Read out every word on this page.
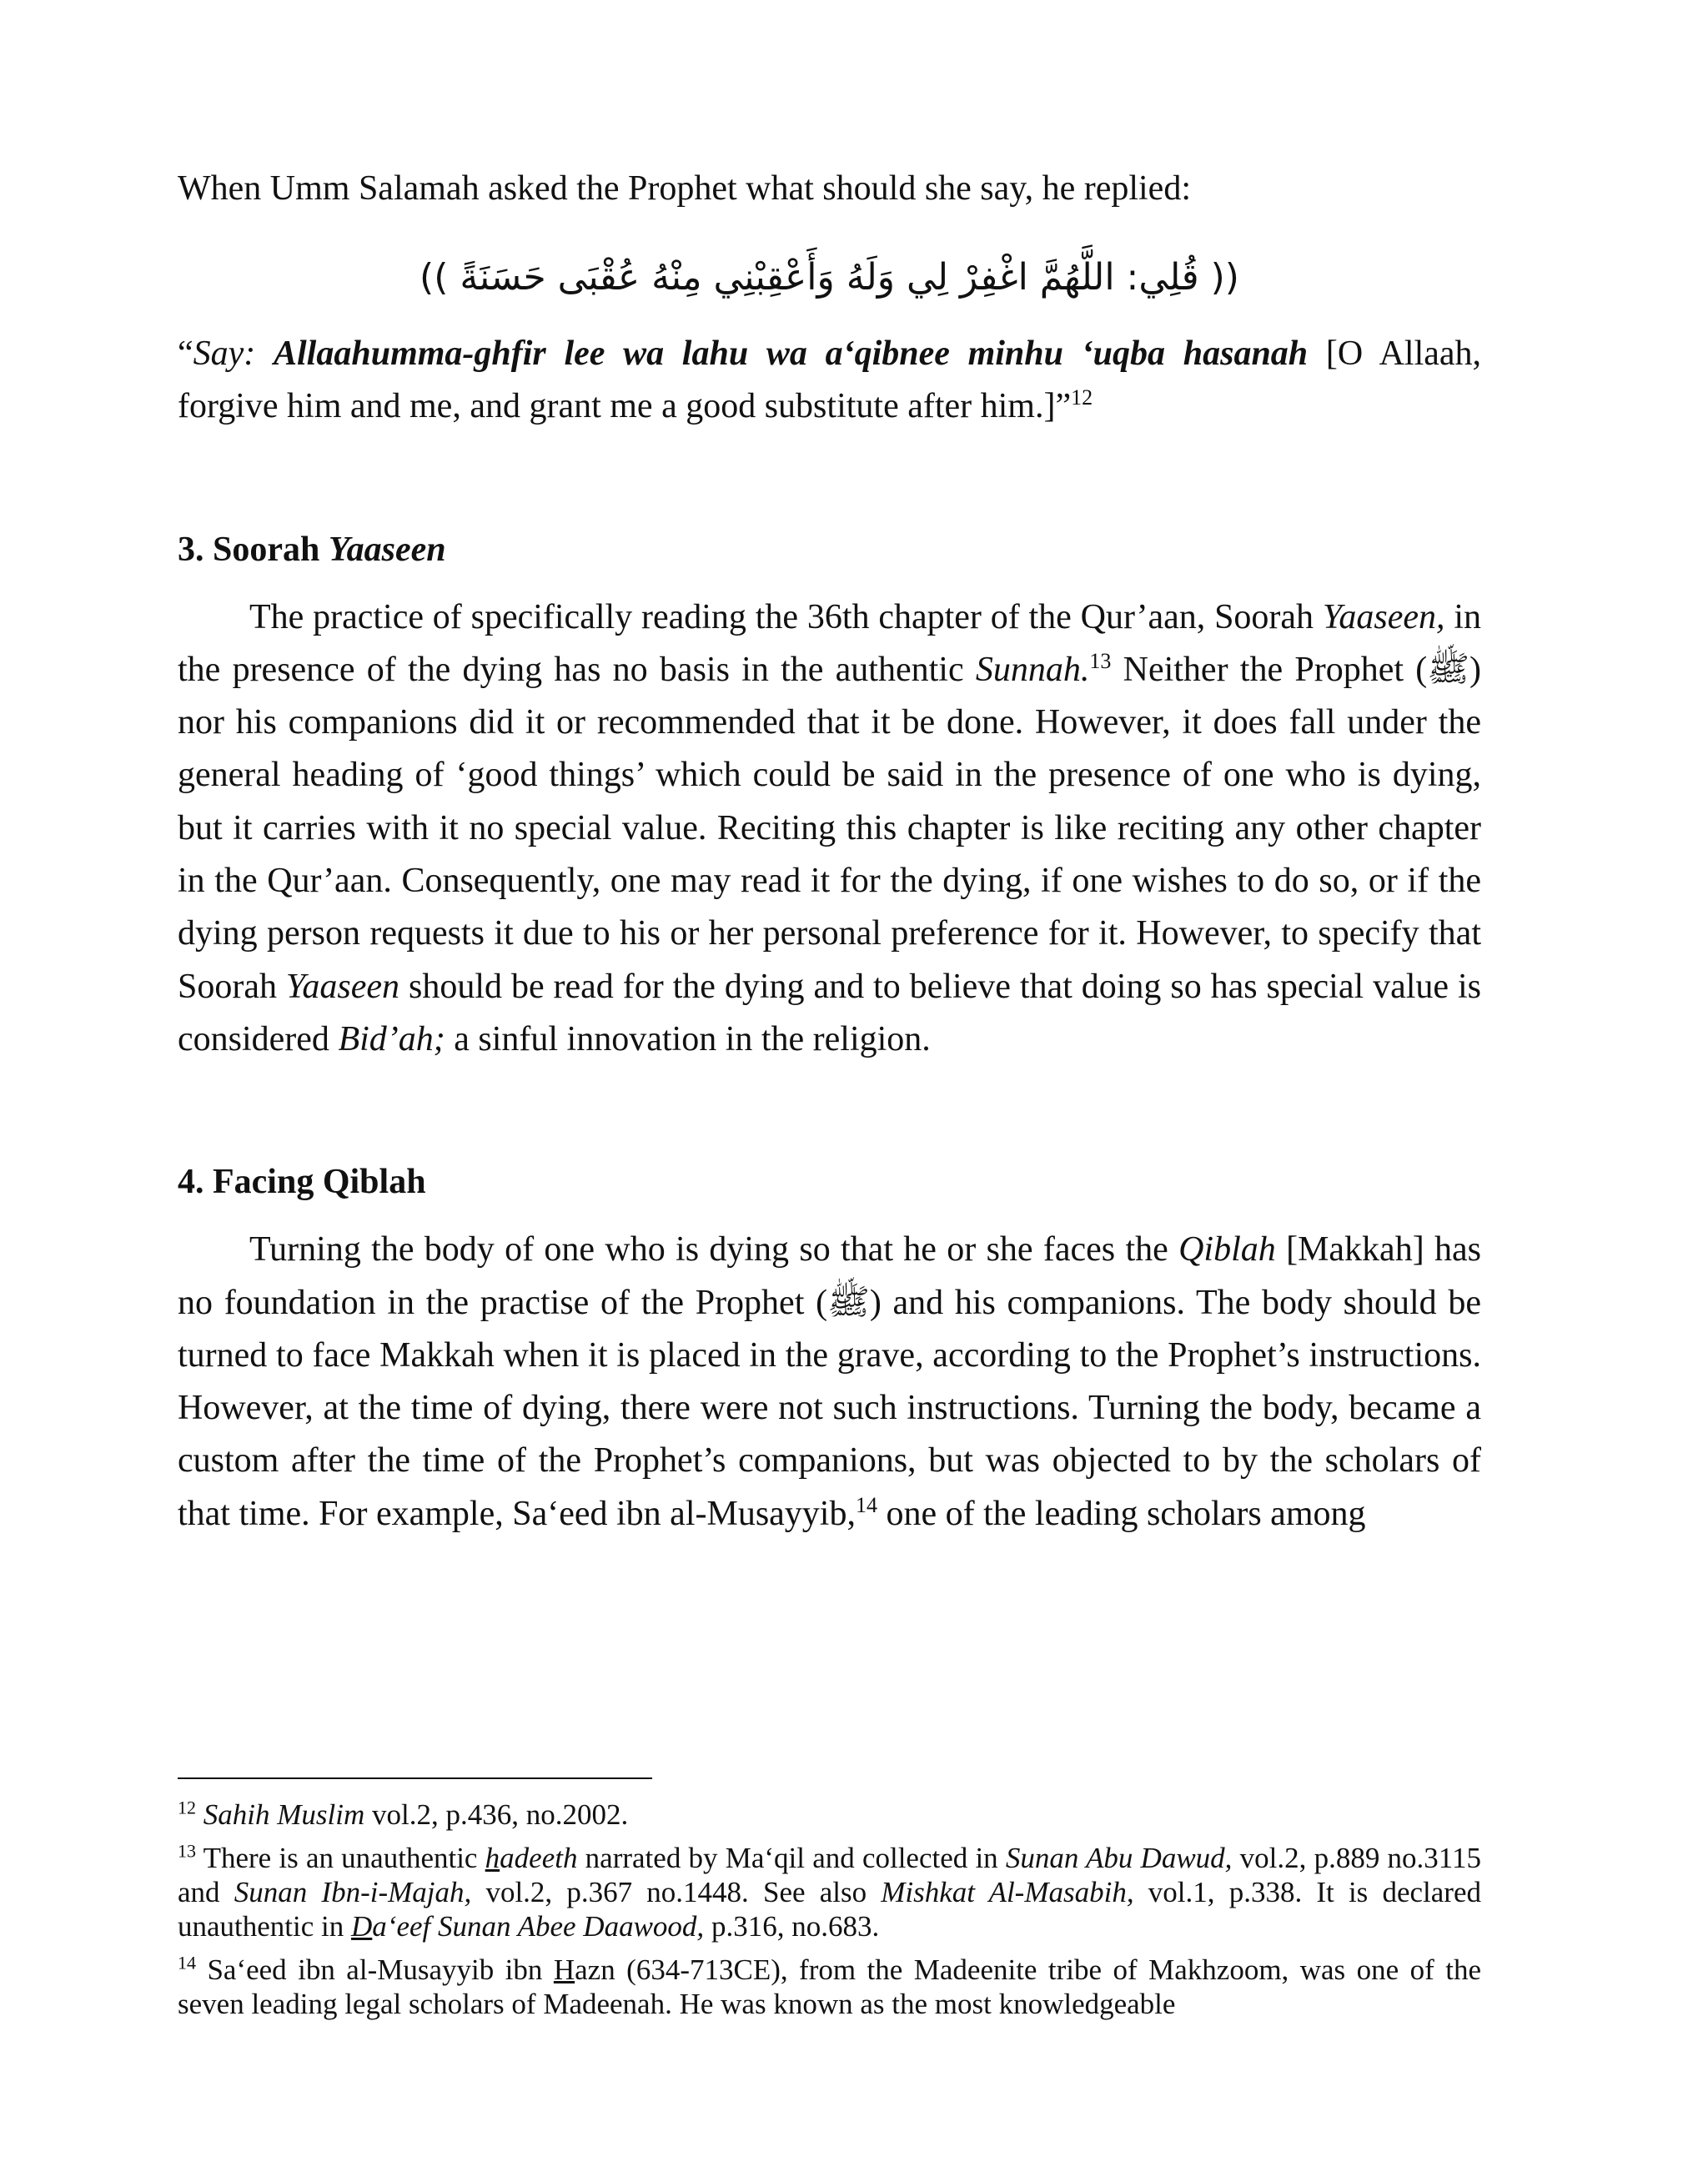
When Umm Salamah asked the Prophet what should she say, he replied:
(( قُلِي: اللَّهُمَّ اغْفِرْ لِي وَلَهُ وَأَعْقِبْنِي مِنْهُ عُقْبَى حَسَنَةً ))

“Say: Allaahumma-ghfir lee wa lahu wa a‘qibnee minhu ‘uqba hasanah [O Allaah, forgive him and me, and grant me a good substitute after him.]”$^{12}$

3. Soorah Yaaseen

The practice of specifically reading the 36th chapter of the Qur’aan, Soorah Yaaseen, in the presence of the dying has no basis in the authentic Sunnah.$^{13}$ Neither the Prophet (ﷺ) nor his companions did it or recommended that it be done. However, it does fall under the general heading of ‘good things’ which could be said in the presence of one who is dying, but it carries with it no special value. Reciting this chapter is like reciting any other chapter in the Qur’aan. Consequently, one may read it for the dying, if one wishes to do so, or if the dying person requests it due to his or her personal preference for it. However, to specify that Soorah Yaaseen should be read for the dying and to believe that doing so has special value is considered Bid’ah; a sinful innovation in the religion.

4. Facing Qiblah

Turning the body of one who is dying so that he or she faces the Qiblah [Makkah] has no foundation in the practise of the Prophet (ﷺ) and his companions. The body should be turned to face Makkah when it is placed in the grave, according to the Prophet’s instructions. However, at the time of dying, there were not such instructions. Turning the body, became a custom after the time of the Prophet’s companions, but was objected to by the scholars of that time. For example, Sa‘eed ibn al-Musayyib,$^{14}$ one of the leading scholars among

$^{12}$ Sahih Muslim vol.2, p.436, no.2002.

$^{13}$ There is an unauthentic hadeeth narrated by Ma‘qil and collected in Sunan Abu Dawud, vol.2, p.889 no.3115 and Sunan Ibn-i-Majah, vol.2, p.367 no.1448. See also Mishkat Al-Masabih, vol.1, p.338. It is declared unauthentic in Da‘eef Sunan Abee Daawood, p.316, no.683.

$^{14}$ Sa‘eed ibn al-Musayyib ibn Hazn (634-713CE), from the Madeenite tribe of Makhzoom, was one of the seven leading legal scholars of Madeenah. He was known as the most knowledgeable
